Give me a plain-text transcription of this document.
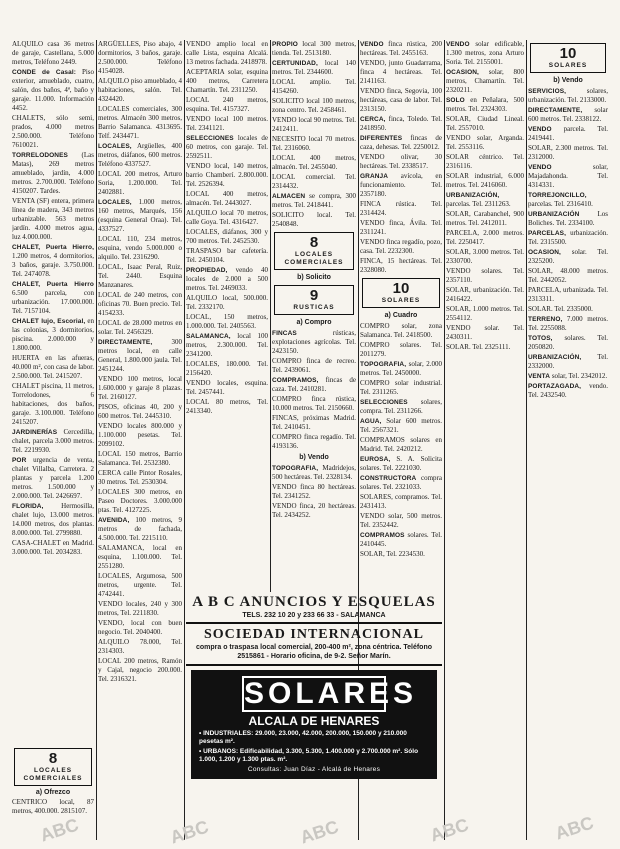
ALQUILO casa 36 metros de garaje, Castellana, 5.000 metros, Teléfono 2449.

CONDE de Casal: Piso exterior, amueblado, cuatro, salón, dos baños, 4ª, baño y garaje. 11.000. Información 4452.

CHALETS, sólo semi, prados, 4.000 metros 2.500.000. Teléfono 7610021.

TORRELODONES (Las Matas), 269 metros amueblado, jardín, 4.000 metros. 2.700.000. Teléfono 4150207. Tardes.

VENTA (SF) entera, primera línea de madera, 343 metros urbanizable. 563 metros jardín. 4.000 metros agua, luz 4.000.000.

CHALET, Puerta Hierro, 1.200 metros, 4 dormitorios, 3 baños, garaje. 3.750.000. Tel. 2474078.

CHALET, Puerta Hierro 6.500 parcela, con urbanización. 17.000.000. Tel. 7157104.

CHALET lujo, Escorial, en las colonias, 3 dormitorios, piscina. 2.000.000 y 1.800.000.

HUERTA en las afueras, 40.000 m², con casa de labor. 2.500.000. Tel. 2415207.

CHALET piscina, 11 metros, Torrelodones, 6 habitaciones, dos baños, garaje. 3.100.000. Teléfono 2415207.

JARDINERÍAS Cercedilla, chalet, parcela 3.000 metros. Tel. 2219930.

POR urgencia de venta, chalet Villalba, Carretera. 2 plantas y parcela 1.200 metros. 1.500.000 y 2.000.000. Tel. 2426697.

FLORIDA,	Hermosilla, chalet lujo, 13.000 metros. 14.000 metros, dos plantas. 8.000.000. Tel. 2799880.

CASA-CHALET en Madrid. 3.000.000. Tel. 2034283.

ARGÜELLES, Piso abajo, 4 dormitorios, 3 baños, garaje. 2.500.000. Teléfono 4154028.

ALQUILO piso amueblado, 4 habitaciones, salón. Tel. 4324420.

LOCALES comerciales, 300 metros. Almacén 300 metros, Barrio Salamanca. 4313695. Telf. 2434471.

LOCALES, Argüelles, 400 metros, diáfanos, 600 metros. Teléfono 4337527.

LOCAL 200 metros, Arturo Soria, 1.200.000. Tel. 2402881.

LOCALES, 1.000 metros, 160 metros, Marqués, 156 (esquina General Oraa). Tel. 4337527.

LOCAL 110, 234 metros, esquina, vendo 5.000.000 o alquilo. Tel. 2316290.

LOCAL, Isaac Peral, Ruiz, Tel. 2440. Esquina Manzanares.

LOCAL de 240 metros, con oficinas 70. Buen precio. Tel. 4154233.

LOCAL de 28.000 metros en solar. Tel. 2456329.

DIRECTAMENTE,	300 metros local, en calle General, 1.800.000 jaula. Tel. 2451244.

VENDO 100 metros, local 1.600.000 y garaje 8 plazas. Tel. 2160127.

PISOS, oficinas 40, 200 y 600 metros. Tel. 2445310.

VENDO locales 800.000 y 1.100.000 pesetas. Tel. 2099102.

LOCAL 150 metros, Barrio Salamanca. Tel. 2532380.

CERCA calle Pintor Rosales, 30 metros. Tel. 2530304.

LOCALES 300 metros, en Paseo Doctores. 3.000.000 ptas. Tel. 4127225.

AVENIDA, 100 metros, 9 metros de fachada, 4.500.000. Tel. 2215110.

SALAMANCA, local en esquina, 1.100.000. Tel. 2551280.

LOCALES, Argumosa, 500 metros, urgente. Tel. 4742441.

VENDO locales, 240 y 300 metros, Tel. 2211830.

VENDO, local con buen negocio. Tel. 2040400.

ALQUILO 78.000, Tel. 2314303.

LOCAL 200 metros, Ramón y Cajal, negocio 200.000. Tel. 2316321.

VENDO amplio local en calle Lista, esquina Alcalá. 13 metros fachada. 2418978.

ACEPTARIA solar, esquina 400 metros, Carretera Chamartín. Tel. 2311250.

LOCAL 240 metros, esquina. Tel. 4157327.

VENDO local 100 metros. Tel. 2341121.

SELECCIONES locales de 60 metros, con garaje. Tel. 2592511.

VENDO local, 140 metros, barrio Chamberí. 2.800.000. Tel. 2526394.

LOCAL 400 metros, almacén. Tel. 2443027.

ALQUILO local 70 metros, calle Goya. Tel. 4316427.

LOCALES, diáfanos, 300 y 700 metros. Tel. 2452530.

TRASPASO bar cafetería. Tel. 2450104.

PROPIEDAD, vendo 40 locales de 2.000 a 500 metros. Tel. 2469033.

ALQUILO local, 500.000. Tel. 2332170.

LOCAL, 150 metros, 1.000.000. Tel. 2405563.

SALAMANCA, local 100 metros, 2.300.000. Tel. 2341200.

LOCALES, 180.000. Tel. 2156420.

VENDO locales, esquina. Tel. 2457441.

LOCAL 80 metros, Tel. 2413340.

PROPIO local 300 metros, tienda. Tel. 2513180.

CERTUNIDAD, local 140 metros. Tel. 2344600.

LOCAL amplio. Tel. 4154260.

SOLICITO local 100 metros, zona centro. Tel. 2458461.

VENDO local 90 metros. Tel. 2412411.

NECESITO local 70 metros. Tel. 2316060.

LOCAL 400 metros, almacén. Tel. 2455040.

LOCAL comercial. Tel. 2314432.

ALMACEN se compra, 300 metros. Tel. 2418441.

SOLICITO local. Tel. 2540848.

8
LOCALES COMERCIALES
b) Solicito
9
RUSTICAS
a) Compro

FINCAS	rústicas, explotaciones agrícolas. Tel. 2423150.

COMPRO finca de recreo. Tel. 2439061.

COMPRAMOS, fincas de caza. Tel. 2410281.

COMPRO finca rústica, 10.000 metros. Tel. 2150660.

FINCAS, próximas Madrid. Tel. 2410451.

COMPRO finca regadío. Tel. 4193136.

b) Vendo

TOPOGRAFIA, Madridejos, 500 hectáreas. Tel. 2328134.

VENDO finca 80 hectáreas. Tel. 2341252.

VENDO finca, 20 hectáreas. Tel. 2434252.

VENDO finca rústica, 200 hectáreas. Tel. 2455163.

VENDO, junto Guadarrama, finca 4 hectáreas. Tel. 2141163.

VENDO finca, Segovia, 100 hectáreas, casa de labor. Tel. 2313150.

CERCA, finca, Toledo. Tel. 2418950.

DIFERENTES fincas de caza, dehesas. Tel. 2250012.

VENDO olivar, 30 hectáreas. Tel. 2338517.

GRANJA avícola, en funcionamiento. Tel. 2357180.

FINCA rústica. Tel. 2314424.

VENDO finca, Ávila. Tel. 2311241.

VENDO finca regadío, pozo, casa. Tel. 2232300.

FINCA, 15 hectáreas. Tel. 2328080.

10
SOLARES
a) Cuadro

COMPRO solar, zona Salamanca. Tel. 2418500.

COMPRO solares. Tel. 2011279.

TOPOGRAFIA, solar, 2.000 metros. Tel. 2450000.

COMPRO solar industrial. Tel. 2311265.

SELECCIONES solares, compra. Tel. 2311266.

AGUA, Solar 600 metros. Tel. 2567321.

COMPRAMOS solares en Madrid. Tel. 2420212.

EUROSA, S. A. Solicita solares. Tel. 2221030.

CONSTRUCTORA compra solares. Tel. 2321033.

SOLARES, compramos. Tel. 2431413.

VENDO solar, 500 metros. Tel. 2352442.

COMPRAMOS solares. Tel. 2410445.

SOLAR, Tel. 2234530.

VENDO solar edificable, 1.300 metros, zona Arturo Soria. Tel. 2155001.

OCASION, solar, 800 metros, Chamartín. Tel. 2320211.

SOLO en Peñalara, 500 metros. Tel. 2324303.

SOLAR, Ciudad Lineal. Tel. 2557010.

VENDO solar, Arganda. Tel. 2553116.

SOLAR céntrico. Tel. 2316116.

SOLAR industrial, 6.000 metros. Tel. 2416060.

URBANIZACIÓN, parcelas. Tel. 2311263.

SOLAR, Carabanchel, 900 metros. Tel. 2412011.

PARCELA, 2.000 metros. Tel. 2250417.

SOLAR, 3.000 metros. Tel. 2330700.

VENDO solares. Tel. 2357110.

SOLAR, urbanización. Tel. 2416422.

SOLAR, 1.000 metros. Tel. 2554112.

VENDO solar. Tel. 2430311.

SOLAR. Tel. 2325111.

10
SOLARES
b) Vendo

SERVICIOS,	solares, urbanización. Tel. 2133000.

DIRECTAMENTE, solar 600 metros. Tel. 2338122.

VENDO parcela. Tel. 2419441.

SOLAR, 2.300 metros. Tel. 2312000.

VENDO	solar, Majadahonda. Tel. 4314331.

TORREJONCILLO, parcelas. Tel. 2316410.

URBANIZACIÓN	Los Boliches. Tel. 2334100.

PARCELAS, urbanización. Tel. 2315500.

OCASION, solar. Tel. 2325200.

SOLAR, 48.000 metros. Tel. 2442052.

PARCELA, urbanizada. Tel. 2313311.

SOLAR. Tel. 2335000.

TERRENO, 7.000 metros. Tel. 2255088.

TOTOS, solares. Tel. 2050820.

URBANIZACIÓN, Tel. 2332000.

VENTA solar, Tel. 2342012.

PORTAZAGADA, vendo. Tel. 2432540.

A B C ANUNCIOS Y ESQUELAS
TELS. 232 10 20 y 233 66 33 - SALAMANCA
SOCIEDAD INTERNACIONAL
compra o traspasa local comercial, 200-400 m², zona céntrica. Teléfono 2515861 - Horario oficina, de 9-2. Señor Marín.
SOLARES
ALCALA DE HENARES

• INDUSTRIALES: 29.000, 23.000, 42.000, 200.000, 150.000 y 210.000 pesetas m².

• URBANOS: Edificabilidad, 3.300, 5.300, 1.400.000 y 2.700.000 m². Sólo 1.000, 1.200 y 1.300 ptas. m².

Consultas: Juan Díaz - Alcalá de Henares
8
LOCALES COMERCIALES
a) Ofrezco

CENTRICO local, 87 metros, 400.000. 2815107.

ABC	ABC	ABC	ABC	ABC
